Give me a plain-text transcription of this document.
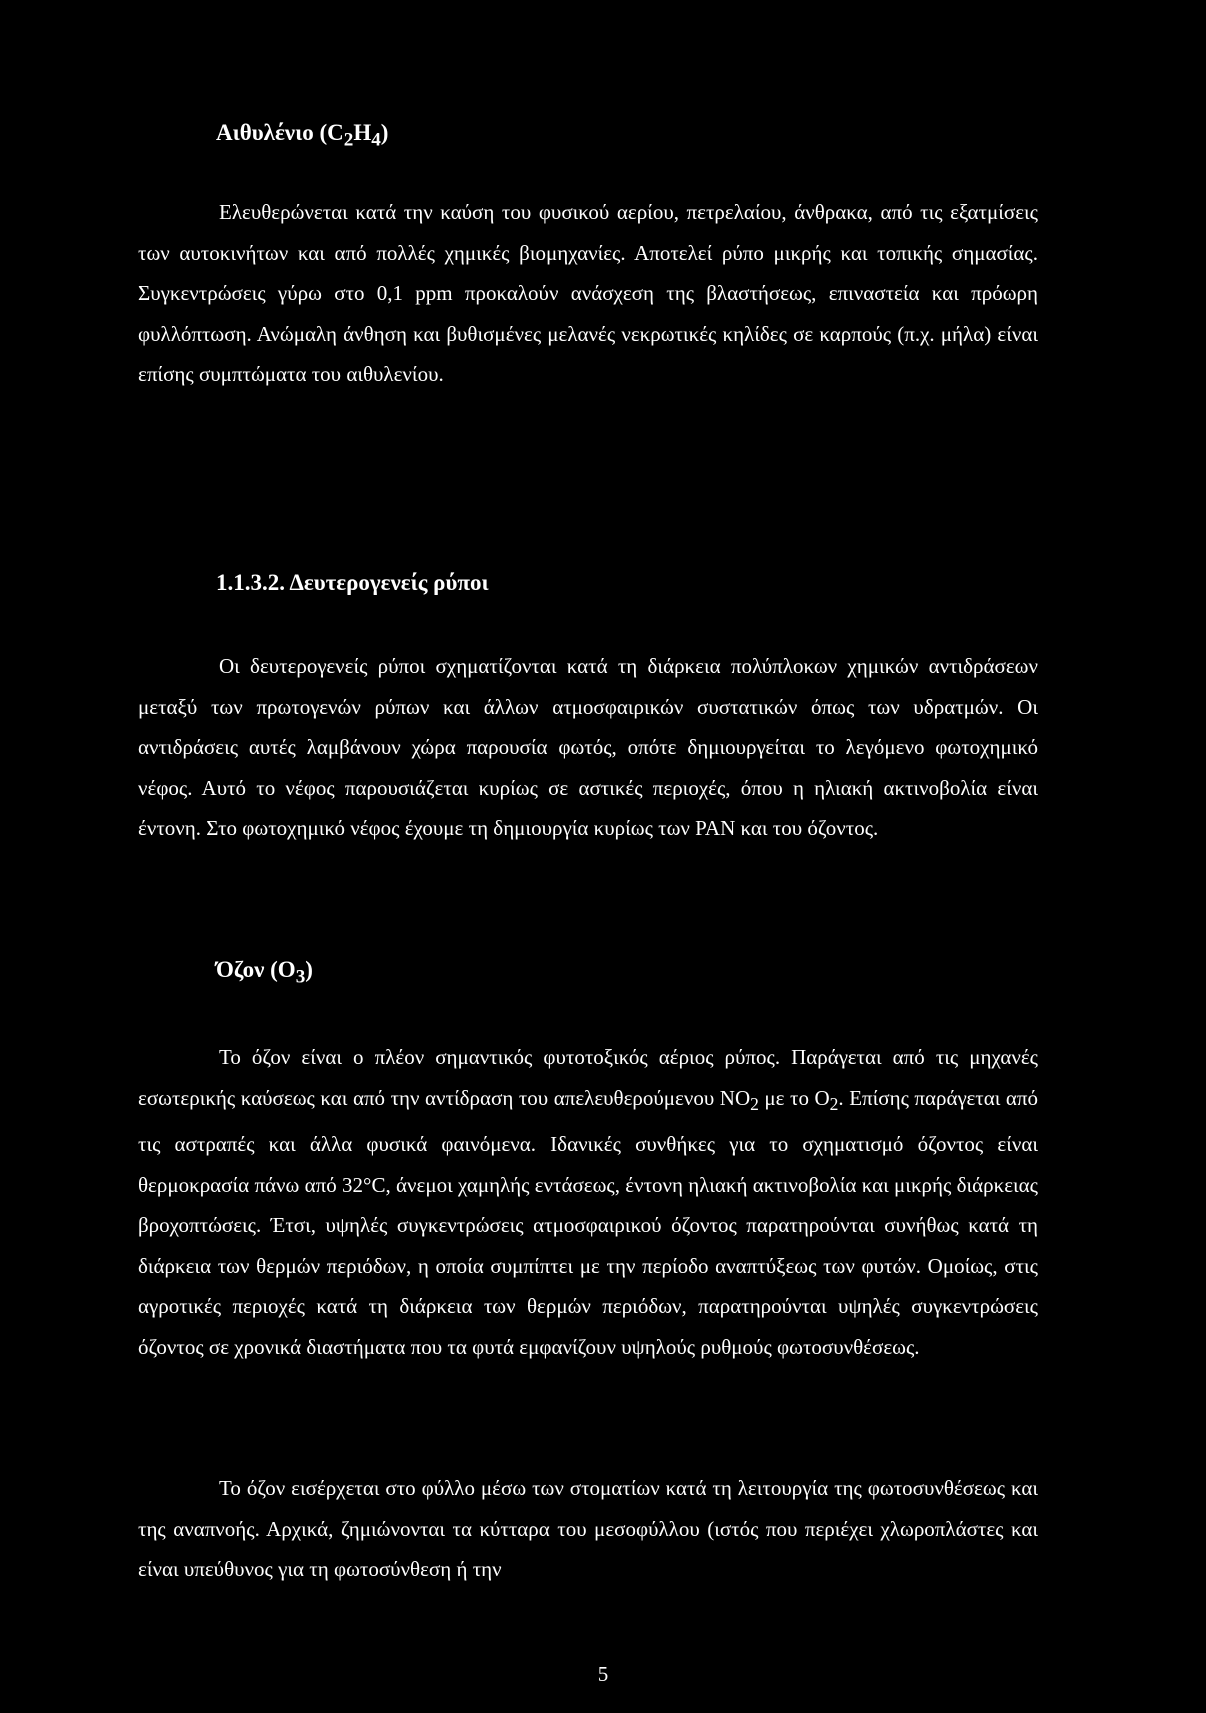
Αιθυλένιο $(C_2H_4)$

Ελευθερώνεται κατά την καύση του φυσικού αερίου, πετρελαίου, άνθρακα, από τις εξατμίσεις των αυτοκινήτων και από πολλές χημικές βιομηχανίες. Αποτελεί ρύπο μικρής και τοπικής σημασίας. Συγκεντρώσεις γύρω στο 0,1 ppm προκαλούν ανάσχεση της βλαστήσεως, επιναστεία και πρόωρη φυλλόπτωση. Ανώμαλη άνθηση και βυθισμένες μελανές νεκρωτικές κηλίδες σε καρπούς (π.χ. μήλα) είναι επίσης συμπτώματα του αιθυλενίου.

1.1.3.2. Δευτερογενείς ρύποι

Οι δευτερογενείς ρύποι σχηματίζονται κατά τη διάρκεια πολύπλοκων χημικών αντιδράσεων μεταξύ των πρωτογενών ρύπων και άλλων ατμοσφαιρικών συστατικών όπως των υδρατμών. Οι αντιδράσεις αυτές λαμβάνουν χώρα παρουσία φωτός, οπότε δημιουργείται το λεγόμενο φωτοχημικό νέφος. Αυτό το νέφος παρουσιάζεται κυρίως σε αστικές περιοχές, όπου η ηλιακή ακτινοβολία είναι έντονη. Στο φωτοχημικό νέφος έχουμε τη δημιουργία κυρίως των PAN και του όζοντος.

Όζον $(O_3)$

Το όζον είναι ο πλέον σημαντικός φυτοτοξικός αέριος ρύπος. Παράγεται από τις μηχανές εσωτερικής καύσεως και από την αντίδραση του απελευθερούμενου $NO_2$ με το $O_2$. Επίσης παράγεται από τις αστραπές και άλλα φυσικά φαινόμενα. Ιδανικές συνθήκες για το σχηματισμό όζοντος είναι θερμοκρασία πάνω από 32°C, άνεμοι χαμηλής εντάσεως, έντονη ηλιακή ακτινοβολία και μικρής διάρκειας βροχοπτώσεις. Έτσι, υψηλές συγκεντρώσεις ατμοσφαιρικού όζοντος παρατηρούνται συνήθως κατά τη διάρκεια των θερμών περιόδων, η οποία συμπίπτει με την περίοδο αναπτύξεως των φυτών. Ομοίως, στις αγροτικές περιοχές κατά τη διάρκεια των θερμών περιόδων, παρατηρούνται υψηλές συγκεντρώσεις όζοντος σε χρονικά διαστήματα που τα φυτά εμφανίζουν υψηλούς ρυθμούς φωτοσυνθέσεως.

Το όζον εισέρχεται στο φύλλο μέσω των στοματίων κατά τη λειτουργία της φωτοσυνθέσεως και της αναπνοής. Αρχικά, ζημιώνονται τα κύτταρα του μεσοφύλλου (ιστός που περιέχει χλωροπλάστες και είναι υπεύθυνος για τη φωτοσύνθεση ή την

5
